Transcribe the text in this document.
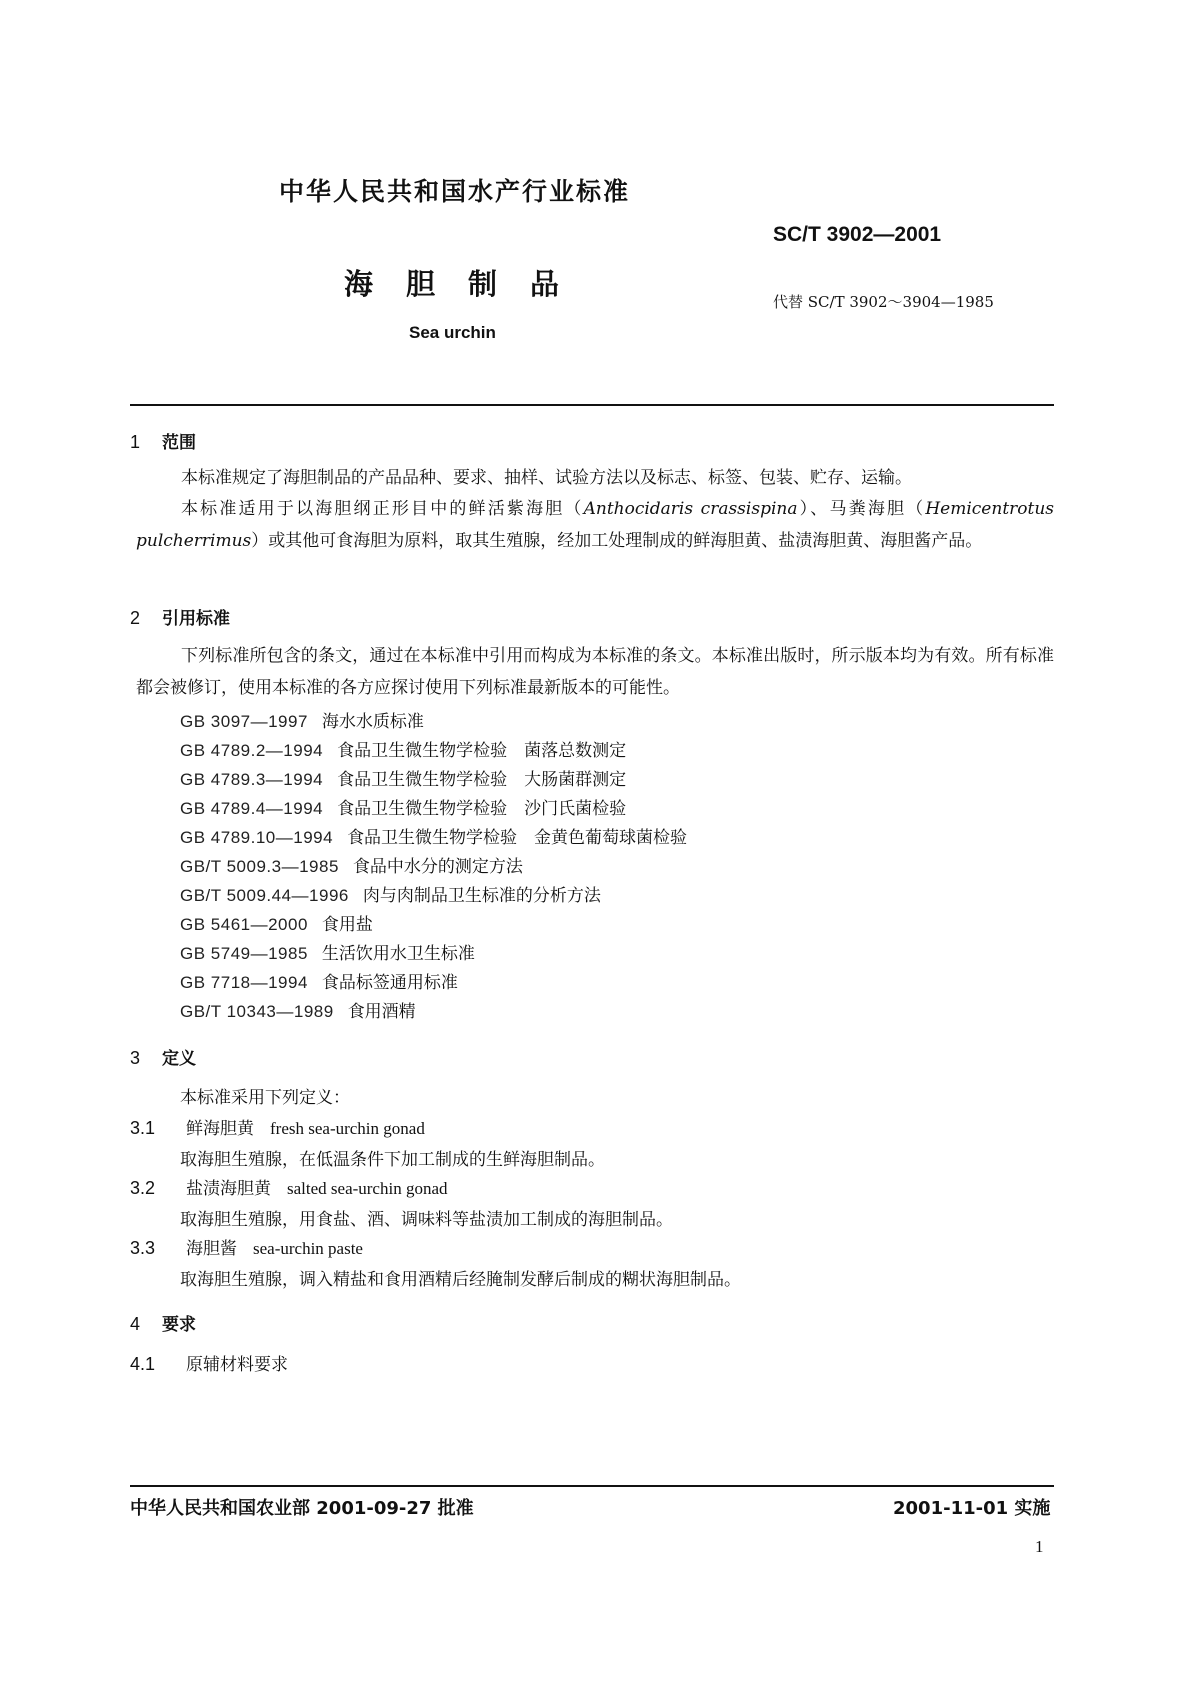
中华人民共和国水产行业标准
SC/T 3902—2001
海胆制品
代替 SC/T 3902～3904—1985
Sea urchin
1 范围
本标准规定了海胆制品的产品品种、要求、抽样、试验方法以及标志、标签、包装、贮存、运输。
本标准适用于以海胆纲正形目中的鲜活紫海胆（Anthocidaris crassispina）、马粪海胆（Hemicentrotus pulcherrimus）或其他可食海胆为原料，取其生殖腺，经加工处理制成的鲜海胆黄、盐渍海胆黄、海胆酱产品。
2 引用标准
下列标准所包含的条文，通过在本标准中引用而构成为本标准的条文。本标准出版时，所示版本均为有效。所有标准都会被修订，使用本标准的各方应探讨使用下列标准最新版本的可能性。
GB 3097—1997 海水水质标准
GB 4789.2—1994 食品卫生微生物学检验　菌落总数测定
GB 4789.3—1994 食品卫生微生物学检验　大肠菌群测定
GB 4789.4—1994 食品卫生微生物学检验　沙门氏菌检验
GB 4789.10—1994 食品卫生微生物学检验　金黄色葡萄球菌检验
GB/T 5009.3—1985 食品中水分的测定方法
GB/T 5009.44—1996 肉与肉制品卫生标准的分析方法
GB 5461—2000 食用盐
GB 5749—1985 生活饮用水卫生标准
GB 7718—1994 食品标签通用标准
GB/T 10343—1989 食用酒精
3 定义
本标准采用下列定义：
3.1 鲜海胆黄 fresh sea-urchin gonad
取海胆生殖腺，在低温条件下加工制成的生鲜海胆制品。
3.2 盐渍海胆黄 salted sea-urchin gonad
取海胆生殖腺，用食盐、酒、调味料等盐渍加工制成的海胆制品。
3.3 海胆酱 sea-urchin paste
取海胆生殖腺，调入精盐和食用酒精后经腌制发酵后制成的糊状海胆制品。
4 要求
4.1 原辅材料要求
中华人民共和国农业部 2001-09-27 批准	2001-11-01 实施
1
